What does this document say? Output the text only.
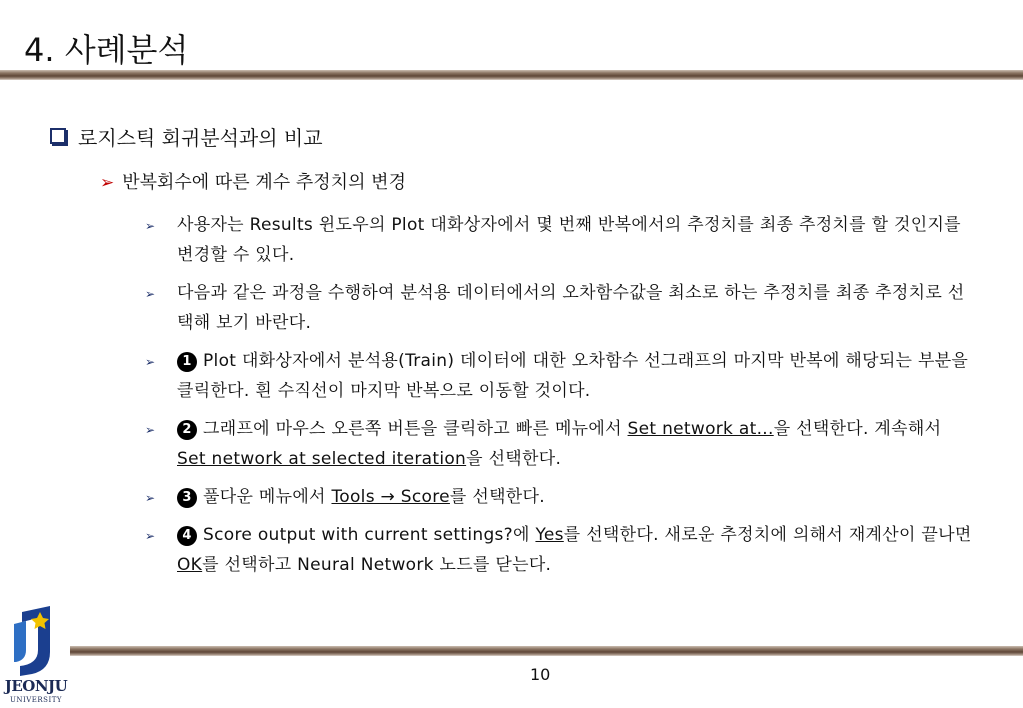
4. 사례분석
로지스틱 회귀분석과의 비교
➢ 반복회수에 따른 계수 추정치의 변경
➢ 사용자는 Results 윈도우의 Plot 대화상자에서 몇 번째 반복에서의 추정치를 최종 추정치를 할 것인지를 변경할 수 있다.
➢ 다음과 같은 과정을 수행하여 분석용 데이터에서의 오차함수값을 최소로 하는 추정치를 최종 추정치로 선택해 보기 바란다.
➢ 1 Plot 대화상자에서 분석용(Train) 데이터에 대한 오차함수 선그래프의 마지막 반복에 해당되는 부분을 클릭한다. 흰 수직선이 마지막 반복으로 이동할 것이다.
➢ 2 그래프에 마우스 오른쪽 버튼을 클릭하고 빠른 메뉴에서 Set network at...을 선택한다. 계속해서 Set network at selected iteration을 선택한다.
➢ 3 풀다운 메뉴에서 Tools → Score를 선택한다.
➢ 4 Score output with current settings?에 Yes를 선택한다. 새로운 추정치에 의해서 재계산이 끝나면 OK를 선택하고 Neural Network 노드를 닫는다.
10
JEONJU
UNIVERSITY
